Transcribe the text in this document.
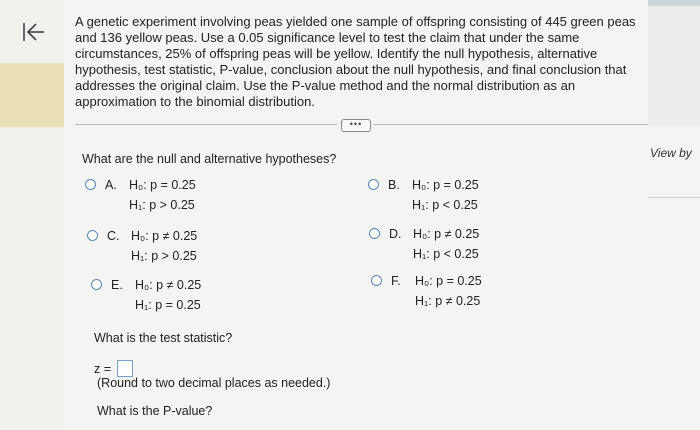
View by
A genetic experiment involving peas yielded one sample of offspring consisting of 445 green peas and 136 yellow peas. Use a 0.05 significance level to test the claim that under the same circumstances, 25% of offspring peas will be yellow. Identify the null hypothesis, alternative hypothesis, test statistic, P-value, conclusion about the null hypothesis, and final conclusion that addresses the original claim. Use the P-value method and the normal distribution as an approximation to the binomial distribution.
•••
What are the null and alternative hypotheses?
A. H₀: p = 0.25
H₁: p > 0.25
B. H₀: p = 0.25
H₁: p < 0.25
C. H₀: p ≠ 0.25
H₁: p > 0.25
D. H₀: p ≠ 0.25
H₁: p < 0.25
E. H₀: p ≠ 0.25
H₁: p = 0.25
F. H₀: p = 0.25
H₁: p ≠ 0.25
What is the test statistic?
z =
(Round to two decimal places as needed.)
What is the P-value?
